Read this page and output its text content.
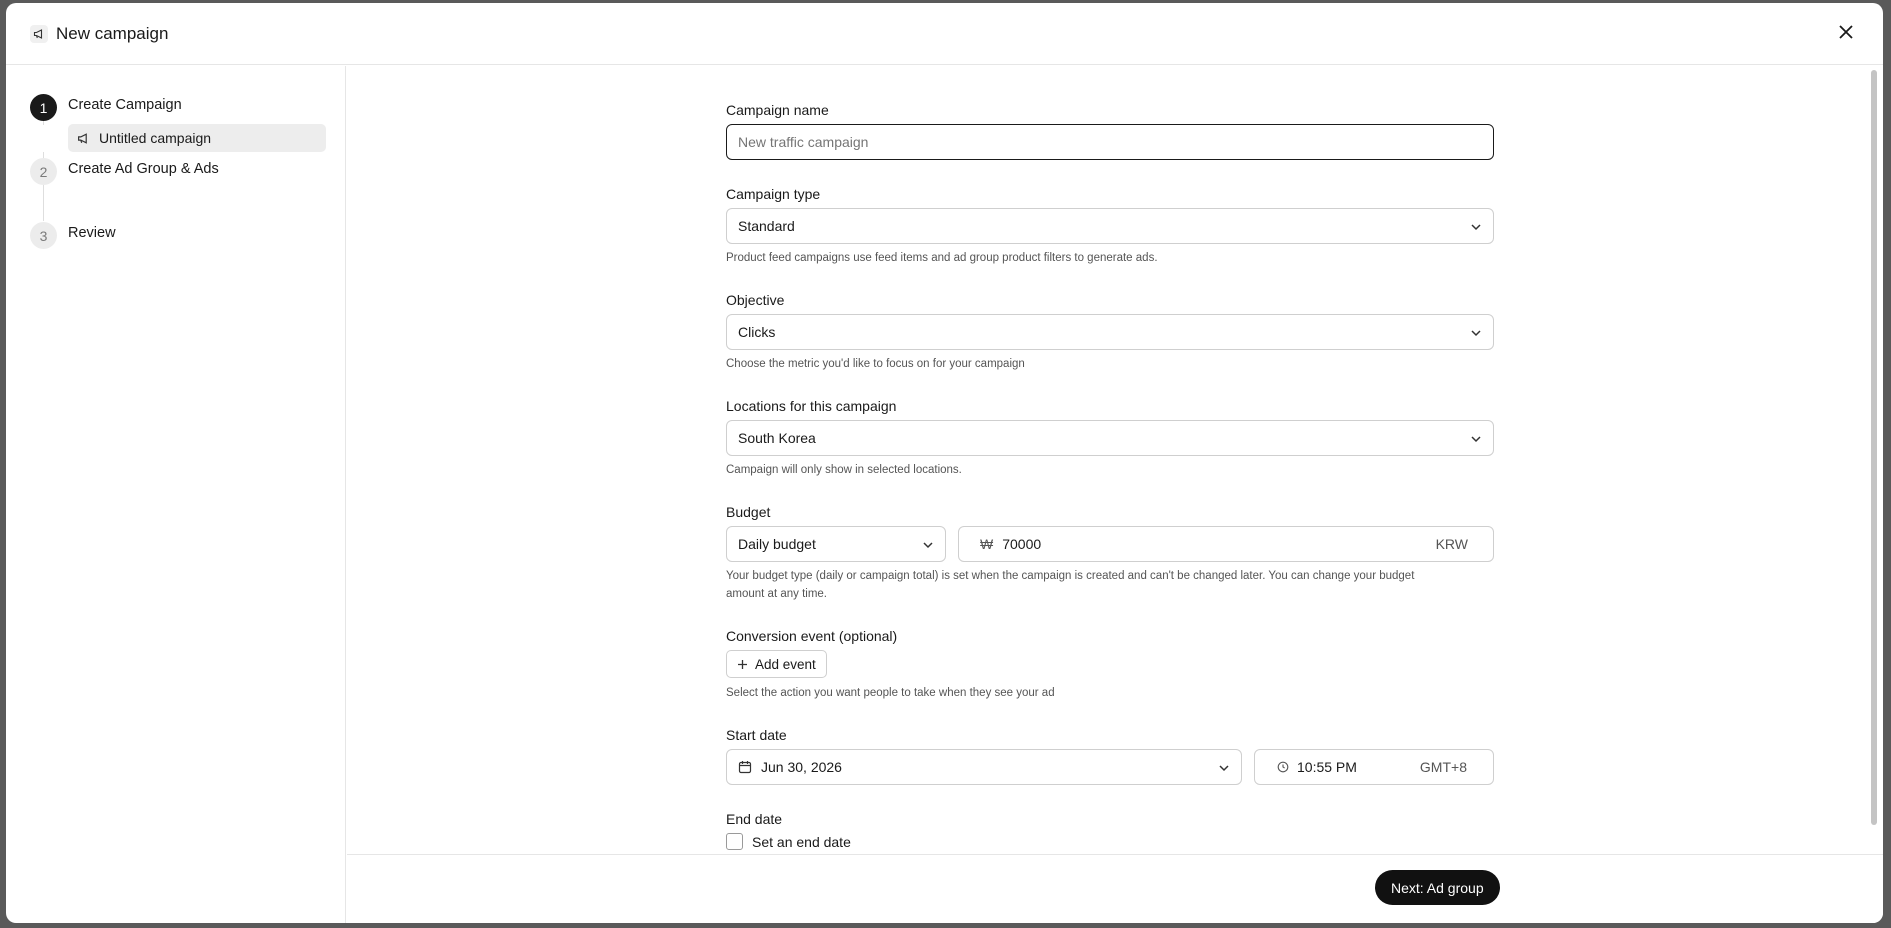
New campaign
1	Create Campaign
Untitled campaign
2	Create Ad Group & Ads
3	Review
Campaign name
New traffic campaign
Campaign type
Standard
Product feed campaigns use feed items and ad group product filters to generate ads.
Objective
Clicks
Choose the metric you'd like to focus on for your campaign
Locations for this campaign
South Korea
Campaign will only show in selected locations.
Budget
Daily budget	₩ 70000	KRW
Your budget type (daily or campaign total) is set when the campaign is created and can't be changed later. You can change your budget
amount at any time.
Conversion event (optional)
Add event
Select the action you want people to take when they see your ad
Start date
Jun 30, 2026	10:55 PM	GMT+8
End date
Set an end date
Next: Ad group
